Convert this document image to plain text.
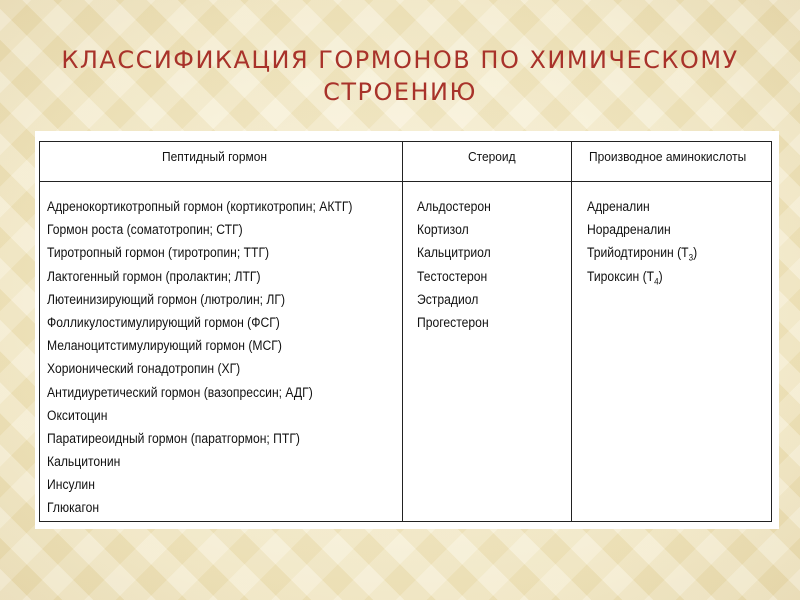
КЛАССИФИКАЦИЯ ГОРМОНОВ ПО ХИМИЧЕСКОМУ
СТРОЕНИЮ
Пептидный гормон	Стероид	Производное аминокислоты
Адренокортикотропный гормон (кортикотропин; АКТГ)
Гормон роста (соматотропин; СТГ)
Тиротропный гормон (тиротропин; ТТГ)
Лактогенный гормон (пролактин; ЛТГ)
Лютеинизирующий гормон (лютролин; ЛГ)
Фолликулостимулирующий гормон (ФСГ)
Меланоцитстимулирующий гормон (МСГ)
Хорионический гонадотропин (ХГ)
Антидиуретический гормон (вазопрессин; АДГ)
Окситоцин
Паратиреоидный гормон (паратгормон; ПТГ)
Кальцитонин
Инсулин
Глюкагон
Альдостерон
Кортизол
Кальцитриол
Тестостерон
Эстрадиол
Прогестерон
Адреналин
Норадреналин
Трийодтиронин $(Т_3)$
Тироксин $(Т_4)$
